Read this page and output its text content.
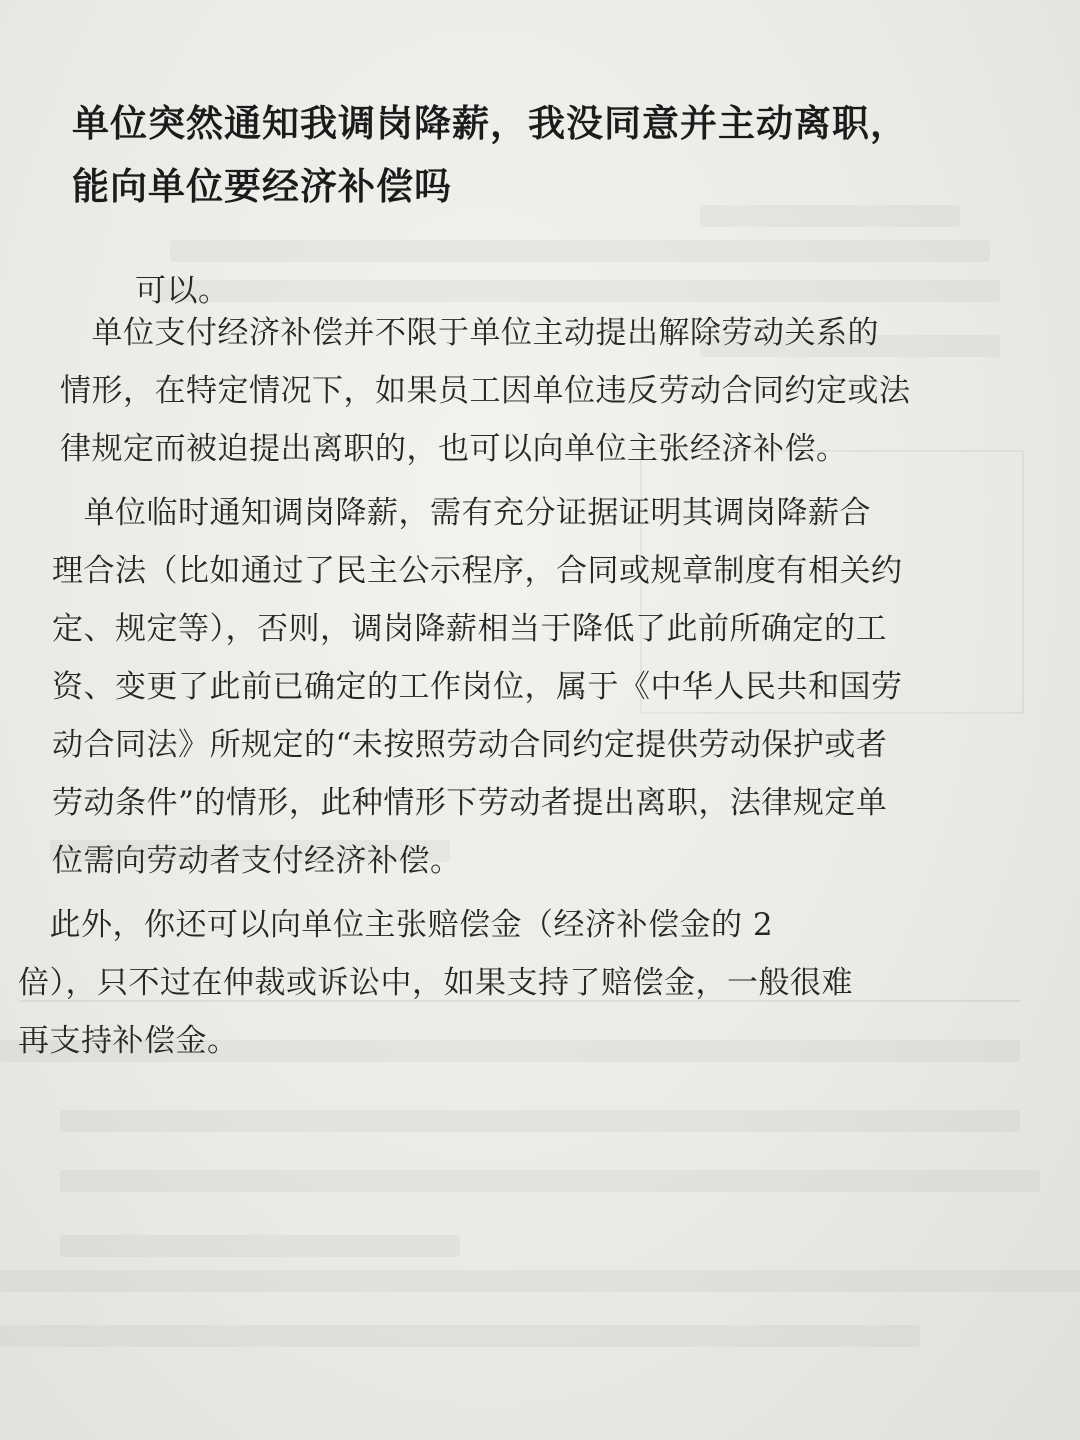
单位突然通知我调岗降薪，我没同意并主动离职，
能向单位要经济补偿吗

可以。

　单位支付经济补偿并不限于单位主动提出解除劳动关系的
情形，在特定情况下，如果员工因单位违反劳动合同约定或法
律规定而被迫提出离职的，也可以向单位主张经济补偿。

　单位临时通知调岗降薪，需有充分证据证明其调岗降薪合
理合法（比如通过了民主公示程序，合同或规章制度有相关约
定、规定等），否则，调岗降薪相当于降低了此前所确定的工
资、变更了此前已确定的工作岗位，属于《中华人民共和国劳
动合同法》所规定的“未按照劳动合同约定提供劳动保护或者
劳动条件”的情形，此种情形下劳动者提出离职，法律规定单
位需向劳动者支付经济补偿。

　此外，你还可以向单位主张赔偿金（经济补偿金的 2
倍），只不过在仲裁或诉讼中，如果支持了赔偿金，一般很难
再支持补偿金。
